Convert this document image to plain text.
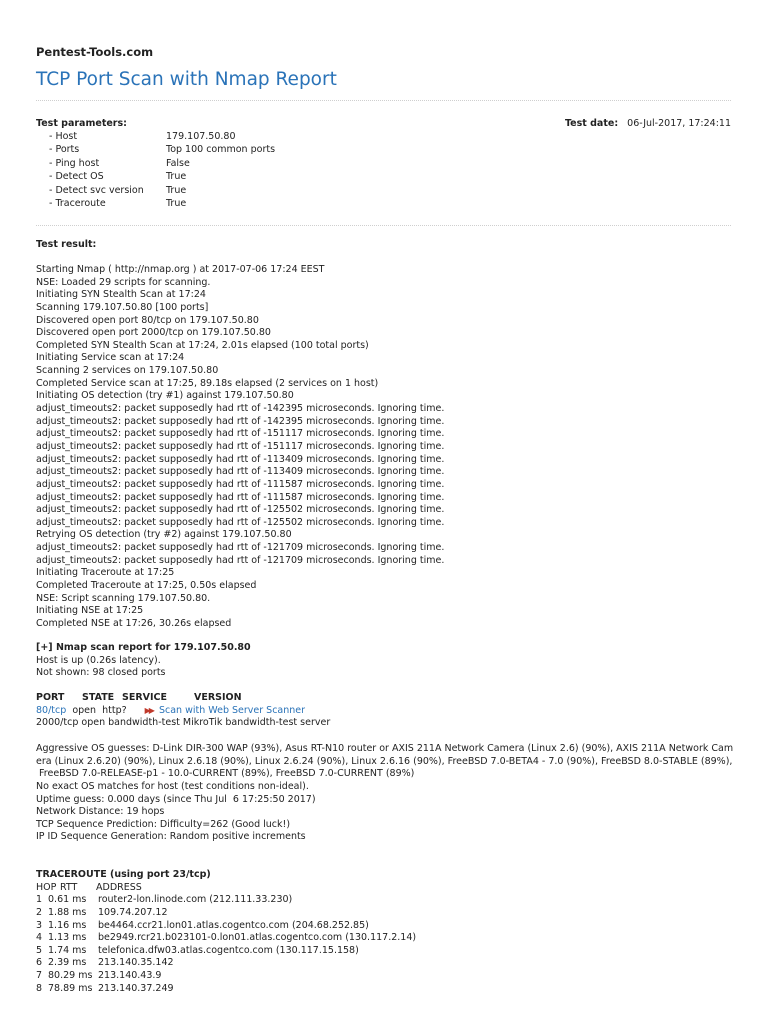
Pentest-Tools.com
TCP Port Scan with Nmap Report
Test parameters:
- Host	179.107.50.80
- Ports	Top 100 common ports
- Ping host	False
- Detect OS	True
- Detect svc version	True
- Traceroute	True
Test date: 06-Jul-2017, 17:24:11
Test result:
Starting Nmap ( http://nmap.org ) at 2017-07-06 17:24 EEST
NSE: Loaded 29 scripts for scanning.
Initiating SYN Stealth Scan at 17:24
Scanning 179.107.50.80 [100 ports]
Discovered open port 80/tcp on 179.107.50.80
Discovered open port 2000/tcp on 179.107.50.80
Completed SYN Stealth Scan at 17:24, 2.01s elapsed (100 total ports)
Initiating Service scan at 17:24
Scanning 2 services on 179.107.50.80
Completed Service scan at 17:25, 89.18s elapsed (2 services on 1 host)
Initiating OS detection (try #1) against 179.107.50.80
adjust_timeouts2: packet supposedly had rtt of -142395 microseconds. Ignoring time.
adjust_timeouts2: packet supposedly had rtt of -142395 microseconds. Ignoring time.
adjust_timeouts2: packet supposedly had rtt of -151117 microseconds. Ignoring time.
adjust_timeouts2: packet supposedly had rtt of -151117 microseconds. Ignoring time.
adjust_timeouts2: packet supposedly had rtt of -113409 microseconds. Ignoring time.
adjust_timeouts2: packet supposedly had rtt of -113409 microseconds. Ignoring time.
adjust_timeouts2: packet supposedly had rtt of -111587 microseconds. Ignoring time.
adjust_timeouts2: packet supposedly had rtt of -111587 microseconds. Ignoring time.
adjust_timeouts2: packet supposedly had rtt of -125502 microseconds. Ignoring time.
adjust_timeouts2: packet supposedly had rtt of -125502 microseconds. Ignoring time.
Retrying OS detection (try #2) against 179.107.50.80
adjust_timeouts2: packet supposedly had rtt of -121709 microseconds. Ignoring time.
adjust_timeouts2: packet supposedly had rtt of -121709 microseconds. Ignoring time.
Initiating Traceroute at 17:25
Completed Traceroute at 17:25, 0.50s elapsed
NSE: Script scanning 179.107.50.80.
Initiating NSE at 17:25
Completed NSE at 17:26, 30.26s elapsed
[+] Nmap scan report for 179.107.50.80
Host is up (0.26s latency).
Not shown: 98 closed ports
PORT STATE SERVICE	VERSION
80/tcp open http? ▶▶ Scan with Web Server Scanner
2000/tcp open bandwidth-test MikroTik bandwidth-test server
Aggressive OS guesses: D-Link DIR-300 WAP (93%), Asus RT-N10 router or AXIS 211A Network Camera (Linux 2.6) (90%), AXIS 211A Network Cam
era (Linux 2.6.20) (90%), Linux 2.6.18 (90%), Linux 2.6.24 (90%), Linux 2.6.16 (90%), FreeBSD 7.0-BETA4 - 7.0 (90%), FreeBSD 8.0-STABLE (89%),
FreeBSD 7.0-RELEASE-p1 - 10.0-CURRENT (89%), FreeBSD 7.0-CURRENT (89%)
No exact OS matches for host (test conditions non-ideal).
Uptime guess: 0.000 days (since Thu Jul  6 17:25:50 2017)
Network Distance: 19 hops
TCP Sequence Prediction: Difficulty=262 (Good luck!)
IP ID Sequence Generation: Random positive increments
TRACEROUTE (using port 23/tcp)
HOP RTT ADDRESS
1 0.61 ms router2-lon.linode.com (212.111.33.230)
2 1.88 ms 109.74.207.12
3 1.16 ms be4464.ccr21.lon01.atlas.cogentco.com (204.68.252.85)
4 1.13 ms be2949.rcr21.b023101-0.lon01.atlas.cogentco.com (130.117.2.14)
5 1.74 ms telefonica.dfw03.atlas.cogentco.com (130.117.15.158)
6 2.39 ms 213.140.35.142
7 80.29 ms 213.140.43.9
8 78.89 ms 213.140.37.249
